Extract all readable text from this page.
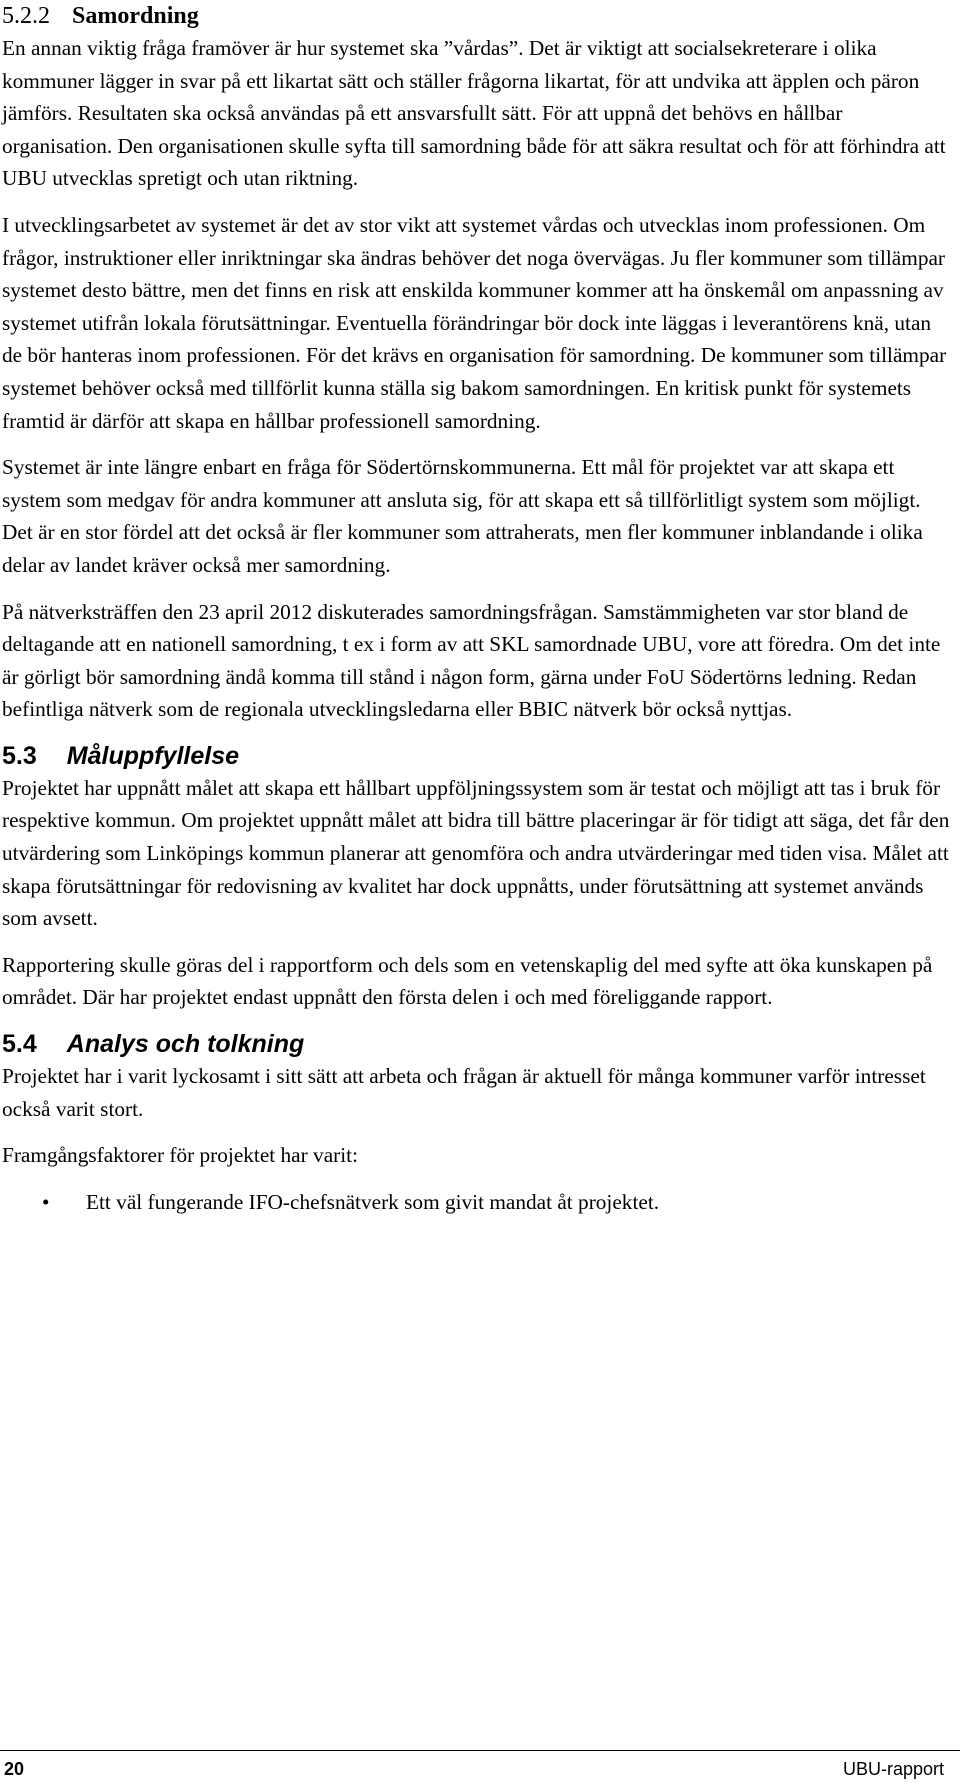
5.2.2 Samordning

En annan viktig fråga framöver är hur systemet ska ”vårdas”. Det är viktigt att socialsekreterare i olika kommuner lägger in svar på ett likartat sätt och ställer frågorna likartat, för att undvika att äpplen och päron jämförs. Resultaten ska också användas på ett ansvarsfullt sätt. För att uppnå det behövs en hållbar organisation. Den organisationen skulle syfta till samordning både för att säkra resultat och för att förhindra att UBU utvecklas spretigt och utan riktning.

I utvecklingsarbetet av systemet är det av stor vikt att systemet vårdas och utvecklas inom professionen. Om frågor, instruktioner eller inriktningar ska ändras behöver det noga övervägas. Ju fler kommuner som tillämpar systemet desto bättre, men det finns en risk att enskilda kommuner kommer att ha önskemål om anpassning av systemet utifrån lokala förutsättningar. Eventuella förändringar bör dock inte läggas i leverantörens knä, utan de bör hanteras inom professionen. För det krävs en organisation för samordning. De kommuner som tillämpar systemet behöver också med tillförlit kunna ställa sig bakom samordningen. En kritisk punkt för systemets framtid är därför att skapa en hållbar professionell samordning.

Systemet är inte längre enbart en fråga för Södertörnskommunerna. Ett mål för projektet var att skapa ett system som medgav för andra kommuner att ansluta sig, för att skapa ett så tillförlitligt system som möjligt. Det är en stor fördel att det också är fler kommuner som attraherats, men fler kommuner inblandande i olika delar av landet kräver också mer samordning.

På nätverksträffen den 23 april 2012 diskuterades samordningsfrågan. Samstämmigheten var stor bland de deltagande att en nationell samordning, t ex i form av att SKL samordnade UBU, vore att föredra. Om det inte är görligt bör samordning ändå komma till stånd i någon form, gärna under FoU Södertörns ledning. Redan befintliga nätverk som de regionala utvecklingsledarna eller BBIC nätverk bör också nyttjas.

5.3 Måluppfyllelse

Projektet har uppnått målet att skapa ett hållbart uppföljningssystem som är testat och möjligt att tas i bruk för respektive kommun. Om projektet uppnått målet att bidra till bättre placeringar är för tidigt att säga, det får den utvärdering som Linköpings kommun planerar att genomföra och andra utvärderingar med tiden visa. Målet att skapa förutsättningar för redovisning av kvalitet har dock uppnåtts, under förutsättning att systemet används som avsett.

Rapportering skulle göras del i rapportform och dels som en vetenskaplig del med syfte att öka kunskapen på området. Där har projektet endast uppnått den första delen i och med föreliggande rapport.

5.4 Analys och tolkning

Projektet har i varit lyckosamt i sitt sätt att arbeta och frågan är aktuell för många kommuner varför intresset också varit stort.

Framgångsfaktorer för projektet har varit:

• Ett väl fungerande IFO-chefsnätverk som givit mandat åt projektet.
20	UBU-rapport
